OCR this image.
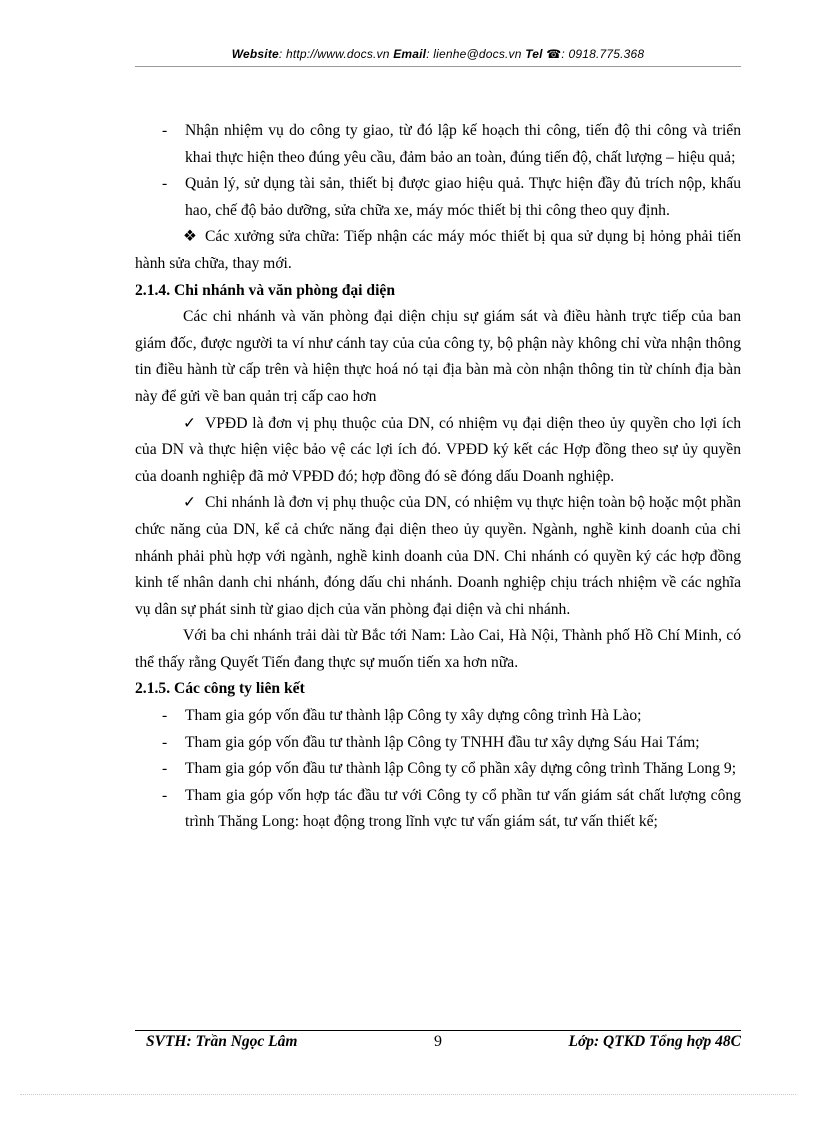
Website: http://www.docs.vn Email: lienhe@docs.vn Tel ☎: 0918.775.368
- Nhận nhiệm vụ do công ty giao, từ đó lập kế hoạch thi công, tiến độ thi công và triển khai thực hiện theo đúng yêu cầu, đảm bảo an toàn, đúng tiến độ, chất lượng – hiệu quả;
- Quản lý, sử dụng tài sản, thiết bị được giao hiệu quả. Thực hiện đầy đủ trích nộp, khấu hao, chế độ bảo dưỡng, sửa chữa xe, máy móc thiết bị thi công theo quy định.
❖ Các xưởng sửa chữa: Tiếp nhận các máy móc thiết bị qua sử dụng bị hỏng phải tiến hành sửa chữa, thay mới.
2.1.4. Chi nhánh và văn phòng đại diện
Các chi nhánh và văn phòng đại diện chịu sự giám sát và điều hành trực tiếp của ban giám đốc, được người ta ví như cánh tay của của công ty, bộ phận này không chỉ vừa nhận thông tin điều hành từ cấp trên và hiện thực hoá nó tại địa bàn mà còn nhận thông tin từ chính địa bàn này để gửi về ban quản trị cấp cao hơn
✓ VPĐD là đơn vị phụ thuộc của DN, có nhiệm vụ đại diện theo ủy quyền cho lợi ích của DN và thực hiện việc bảo vệ các lợi ích đó. VPĐD ký kết các Hợp đồng theo sự ủy quyền của doanh nghiệp đã mở VPĐD đó; hợp đồng đó sẽ đóng dấu Doanh nghiệp.
✓ Chi nhánh là đơn vị phụ thuộc của DN, có nhiệm vụ thực hiện toàn bộ hoặc một phần chức năng của DN, kể cả chức năng đại diện theo ủy quyền. Ngành, nghề kinh doanh của chi nhánh phải phù hợp với ngành, nghề kinh doanh của DN. Chi nhánh có quyền ký các hợp đồng kinh tế nhân danh chi nhánh, đóng dấu chi nhánh. Doanh nghiệp chịu trách nhiệm về các nghĩa vụ dân sự phát sinh từ giao dịch của văn phòng đại diện và chi nhánh.
Với ba chi nhánh trải dài từ Bắc tới Nam: Lào Cai, Hà Nội, Thành phố Hồ Chí Minh, có thể thấy rằng Quyết Tiến đang thực sự muốn tiến xa hơn nữa.
2.1.5. Các công ty liên kết
- Tham gia góp vốn đầu tư thành lập Công ty xây dựng công trình Hà Lào;
- Tham gia góp vốn đầu tư thành lập Công ty TNHH đầu tư xây dựng Sáu Hai Tám;
- Tham gia góp vốn đầu tư thành lập Công ty cổ phần xây dựng công trình Thăng Long 9;
- Tham gia góp vốn hợp tác đầu tư với Công ty cổ phần tư vấn giám sát chất lượng công trình Thăng Long: hoạt động trong lĩnh vực tư vấn giám sát, tư vấn thiết kế;
SVTH: Trần Ngọc Lâm	9	Lớp: QTKD Tổng hợp 48C
